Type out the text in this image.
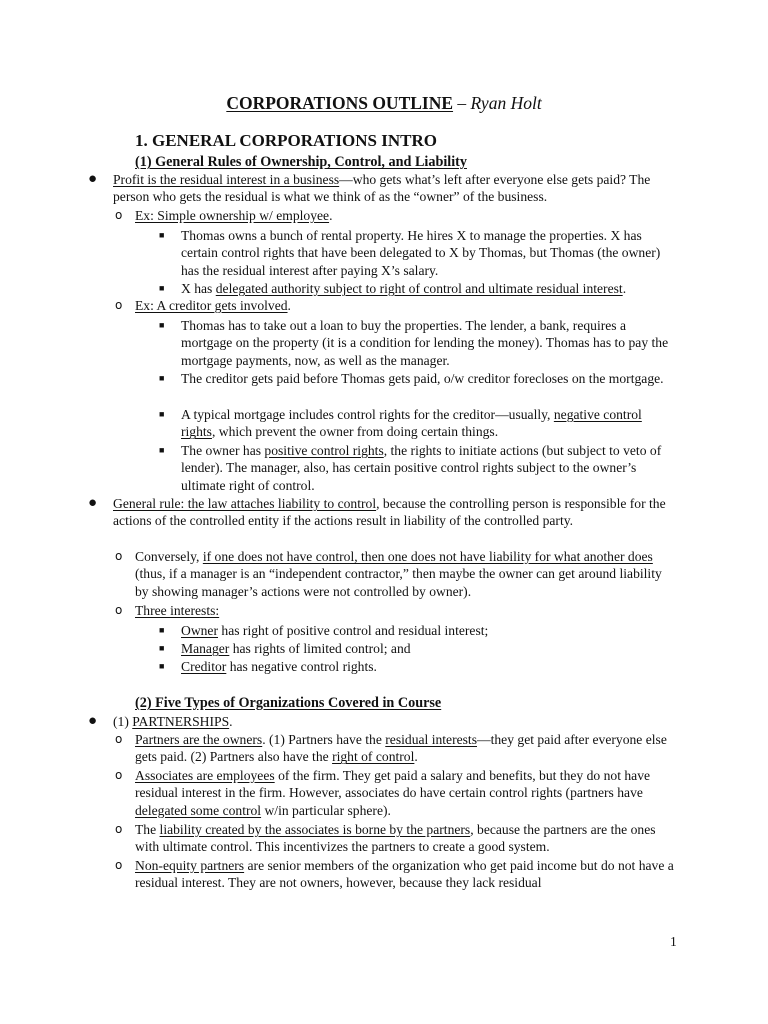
CORPORATIONS OUTLINE – Ryan Holt
1. GENERAL CORPORATIONS INTRO
(1) General Rules of Ownership, Control, and Liability
● Profit is the residual interest in a business—who gets what’s left after everyone else gets paid? The person who gets the residual is what we think of as the “owner” of the business.
o Ex: Simple ownership w/ employee.
■ Thomas owns a bunch of rental property. He hires X to manage the properties. X has certain control rights that have been delegated to X by Thomas, but Thomas (the owner) has the residual interest after paying X’s salary.
■ X has delegated authority subject to right of control and ultimate residual interest.
o Ex: A creditor gets involved.
■ Thomas has to take out a loan to buy the properties. The lender, a bank, requires a mortgage on the property (it is a condition for lending the money). Thomas has to pay the mortgage payments, now, as well as the manager.
■ The creditor gets paid before Thomas gets paid, o/w creditor forecloses on the mortgage.
■ A typical mortgage includes control rights for the creditor—usually, negative control rights, which prevent the owner from doing certain things.
■ The owner has positive control rights, the rights to initiate actions (but subject to veto of lender). The manager, also, has certain positive control rights subject to the owner’s ultimate right of control.
● General rule: the law attaches liability to control, because the controlling person is responsible for the actions of the controlled entity if the actions result in liability of the controlled party.
o Conversely, if one does not have control, then one does not have liability for what another does (thus, if a manager is an “independent contractor,” then maybe the owner can get around liability by showing manager’s actions were not controlled by owner).
o Three interests:
■ Owner has right of positive control and residual interest;
■ Manager has rights of limited control; and
■ Creditor has negative control rights.
(2) Five Types of Organizations Covered in Course
● (1) PARTNERSHIPS.
o Partners are the owners. (1) Partners have the residual interests—they get paid after everyone else gets paid. (2) Partners also have the right of control.
o Associates are employees of the firm. They get paid a salary and benefits, but they do not have residual interest in the firm. However, associates do have certain control rights (partners have delegated some control w/in particular sphere).
o The liability created by the associates is borne by the partners, because the partners are the ones with ultimate control. This incentivizes the partners to create a good system.
o Non-equity partners are senior members of the organization who get paid income but do not have a residual interest. They are not owners, however, because they lack residual
1
